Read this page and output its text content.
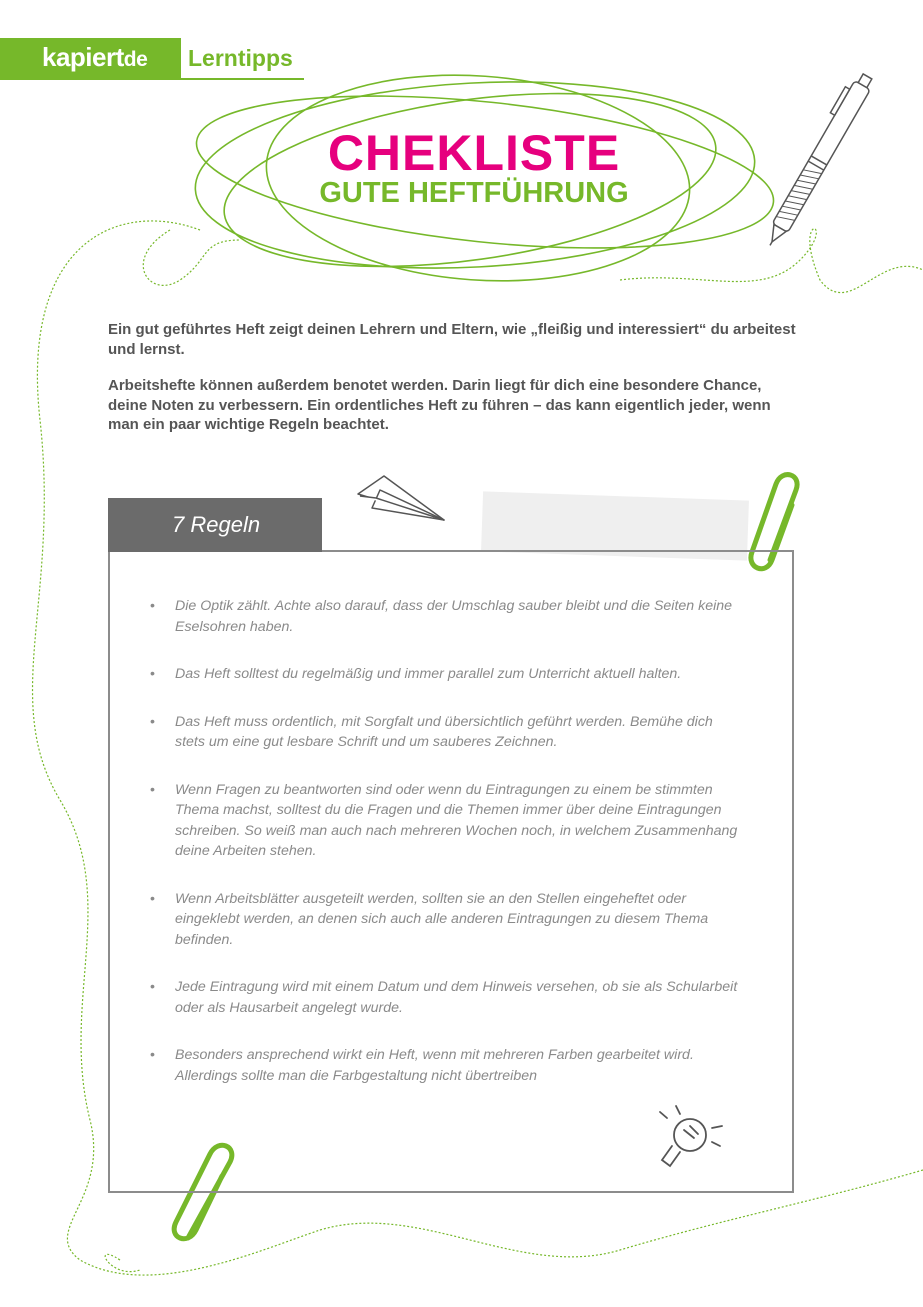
kapiertde Lerntipps
CHEKLISTE
GUTE HEFTFÜHRUNG

Ein gut geführtes Heft zeigt deinen Lehrern und Eltern, wie „fleißig und interessiert“ du arbeitest und lernst.

Arbeitshefte können außerdem benotet werden. Darin liegt für dich eine besondere Chance, deine Noten zu verbessern. Ein ordentliches Heft zu führen – das kann eigentlich jeder, wenn man ein paar wichtige Regeln beachtet.

7 Regeln
• Die Optik zählt. Achte also darauf, dass der Umschlag sauber bleibt und die Seiten keine Eselsohren haben.
• Das Heft solltest du regelmäßig und immer parallel zum Unterricht aktuell halten.
• Das Heft muss ordentlich, mit Sorgfalt und übersichtlich geführt werden. Bemühe dich stets um eine gut lesbare Schrift und um sauberes Zeichnen.
• Wenn Fragen zu beantworten sind oder wenn du Eintragungen zu einem be stimmten Thema machst, solltest du die Fragen und die Themen immer über deine Eintragungen schreiben. So weiß man auch nach mehreren Wochen noch, in welchem Zusammenhang deine Arbeiten stehen.
• Wenn Arbeitsblätter ausgeteilt werden, sollten sie an den Stellen eingeheftet oder eingeklebt werden, an denen sich auch alle anderen Eintragungen zu diesem Thema befinden.
• Jede Eintragung wird mit einem Datum und dem Hinweis versehen, ob sie als Schularbeit oder als Hausarbeit angelegt wurde.
• Besonders ansprechend wirkt ein Heft, wenn mit mehreren Farben gearbeitet wird. Allerdings sollte man die Farbgestaltung nicht übertreiben
